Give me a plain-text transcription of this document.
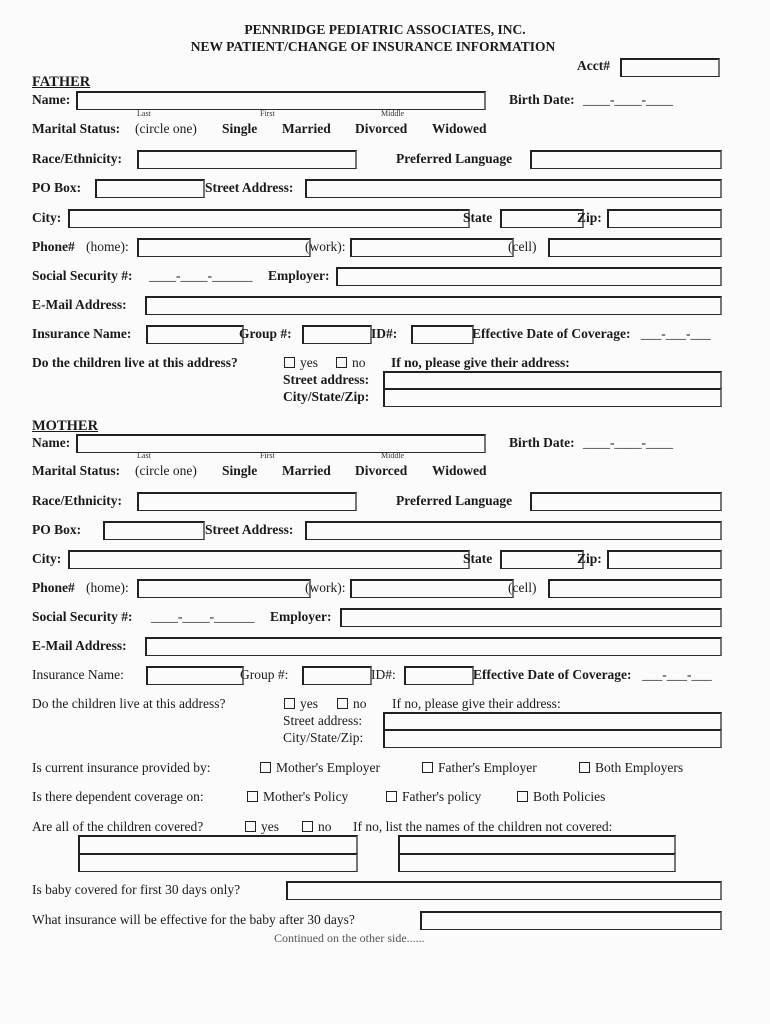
PENNRIDGE PEDIATRIC ASSOCIATES, INC.
NEW PATIENT/CHANGE OF INSURANCE INFORMATION
Acct#
FATHER
Name:
Last	First	Middle
Birth Date: ____-____-____
Marital Status: (circle one) Single Married Divorced Widowed
Race/Ethnicity:	Preferred Language
PO Box:	Street Address:
City:	State	Zip:
Phone# (home):	(work):	(cell)
Social Security #: ____-____-______ Employer:
E-Mail Address:
Insurance Name:	Group #:	ID#:	Effective Date of Coverage: ___-___-___
Do the children live at this address?	yes	no If no, please give their address:
Street address:
City/State/Zip:
MOTHER
Name:
Last	First	Middle
Birth Date: ____-____-____
Marital Status: (circle one) Single Married Divorced Widowed
Race/Ethnicity:	Preferred Language
PO Box:	Street Address:
City:	State	Zip:
Phone# (home):	(work):	(cell)
Social Security #: ____-____-______ Employer:
E-Mail Address:
Insurance Name:	Group #:	ID#:	Effective Date of Coverage: ___-___-___
Do the children live at this address?	yes	no If no, please give their address:
Street address:
City/State/Zip:
Is current insurance provided by:	Mother's Employer	Father's Employer	Both Employers
Is there dependent coverage on:	Mother's Policy	Father's policy	Both Policies
Are all of the children covered?	yes	no If no, list the names of the children not covered:
Is baby covered for first 30 days only?
What insurance will be effective for the baby after 30 days?
Continued on the other side......
